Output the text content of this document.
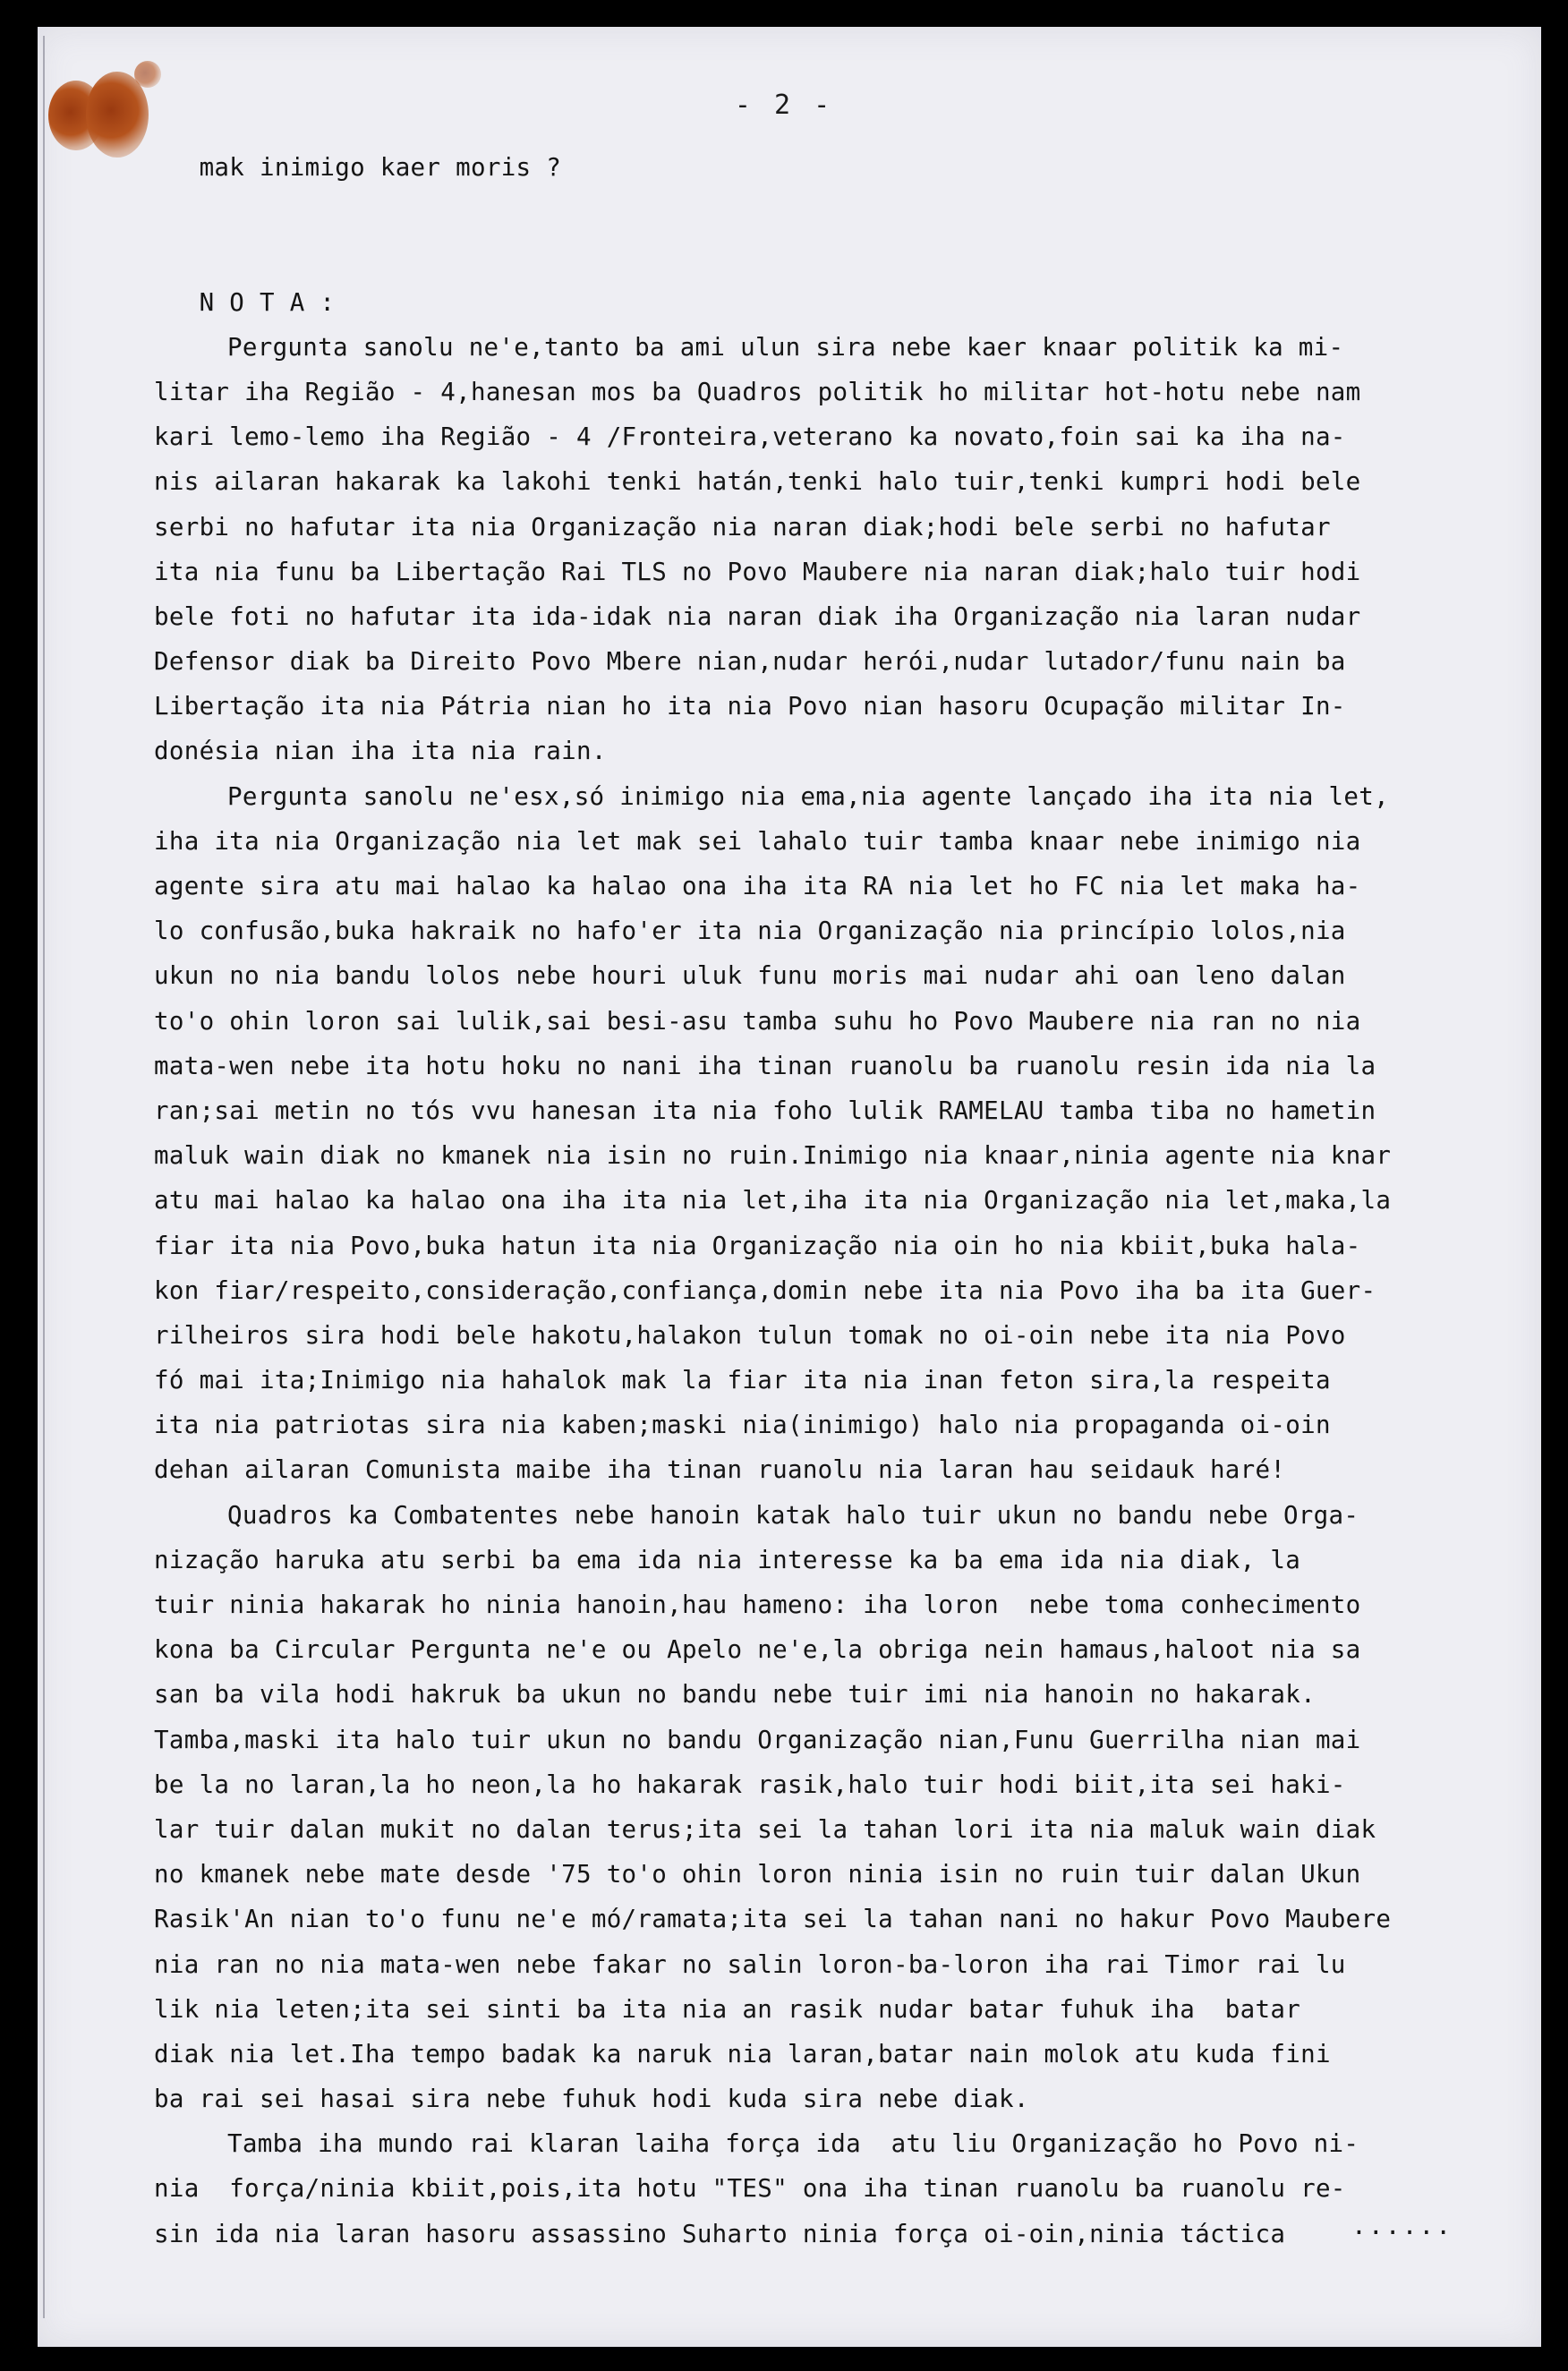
- 2 -
mak inimigo kaer moris ?
N O T A :
Pergunta sanolu ne'e,tanto ba ami ulun sira nebe kaer knaar politik ka mi-
litar iha Região - 4,hanesan mos ba Quadros politik ho militar hot-hotu nebe nam
kari lemo-lemo iha Região - 4 /Fronteira,veterano ka novato,foin sai ka iha na-
nis ailaran hakarak ka lakohi tenki hatán,tenki halo tuir,tenki kumpri hodi bele
serbi no hafutar ita nia Organização nia naran diak;hodi bele serbi no hafutar
ita nia funu ba Libertação Rai TLS no Povo Maubere nia naran diak;halo tuir hodi
bele foti no hafutar ita ida-idak nia naran diak iha Organização nia laran nudar
Defensor diak ba Direito Povo Mbere nian,nudar herói,nudar lutador/funu nain ba
Libertação ita nia Pátria nian ho ita nia Povo nian hasoru Ocupação militar In-
donésia nian iha ita nia rain.
Pergunta sanolu ne'esx,só inimigo nia ema,nia agente lançado iha ita nia let,
iha ita nia Organização nia let mak sei lahalo tuir tamba knaar nebe inimigo nia
agente sira atu mai halao ka halao ona iha ita RA nia let ho FC nia let maka ha-
lo confusão,buka hakraik no hafo'er ita nia Organização nia princípio lolos,nia
ukun no nia bandu lolos nebe houri uluk funu moris mai nudar ahi oan leno dalan
to'o ohin loron sai lulik,sai besi-asu tamba suhu ho Povo Maubere nia ran no nia
mata-wen nebe ita hotu hoku no nani iha tinan ruanolu ba ruanolu resin ida nia la
ran;sai metin no tós vvu hanesan ita nia foho lulik RAMELAU tamba tiba no hametin
maluk wain diak no kmanek nia isin no ruin.Inimigo nia knaar,ninia agente nia knar
atu mai halao ka halao ona iha ita nia let,iha ita nia Organização nia let,maka,la
fiar ita nia Povo,buka hatun ita nia Organização nia oin ho nia kbiit,buka hala-
kon fiar/respeito,consideração,confiança,domin nebe ita nia Povo iha ba ita Guer-
rilheiros sira hodi bele hakotu,halakon tulun tomak no oi-oin nebe ita nia Povo
fó mai ita;Inimigo nia hahalok mak la fiar ita nia inan feton sira,la respeita
ita nia patriotas sira nia kaben;maski nia(inimigo) halo nia propaganda oi-oin
dehan ailaran Comunista maibe iha tinan ruanolu nia laran hau seidauk haré!
Quadros ka Combatentes nebe hanoin katak halo tuir ukun no bandu nebe Orga-
nização haruka atu serbi ba ema ida nia interesse ka ba ema ida nia diak, la
tuir ninia hakarak ho ninia hanoin,hau hameno: iha loron  nebe toma conhecimento
kona ba Circular Pergunta ne'e ou Apelo ne'e,la obriga nein hamaus,haloot nia sa
san ba vila hodi hakruk ba ukun no bandu nebe tuir imi nia hanoin no hakarak.
Tamba,maski ita halo tuir ukun no bandu Organização nian,Funu Guerrilha nian mai
be la no laran,la ho neon,la ho hakarak rasik,halo tuir hodi biit,ita sei haki-
lar tuir dalan mukit no dalan terus;ita sei la tahan lori ita nia maluk wain diak
no kmanek nebe mate desde '75 to'o ohin loron ninia isin no ruin tuir dalan Ukun
Rasik'An nian to'o funu ne'e mó/ramata;ita sei la tahan nani no hakur Povo Maubere
nia ran no nia mata-wen nebe fakar no salin loron-ba-loron iha rai Timor rai lu
lik nia leten;ita sei sinti ba ita nia an rasik nudar batar fuhuk iha  batar
diak nia let.Iha tempo badak ka naruk nia laran,batar nain molok atu kuda fini
ba rai sei hasai sira nebe fuhuk hodi kuda sira nebe diak.
Tamba iha mundo rai klaran laiha força ida  atu liu Organização ho Povo ni-
nia  força/ninia kbiit,pois,ita hotu "TES" ona iha tinan ruanolu ba ruanolu re-
sin ida nia laran hasoru assassino Suharto ninia força oi-oin,ninia táctica	......
